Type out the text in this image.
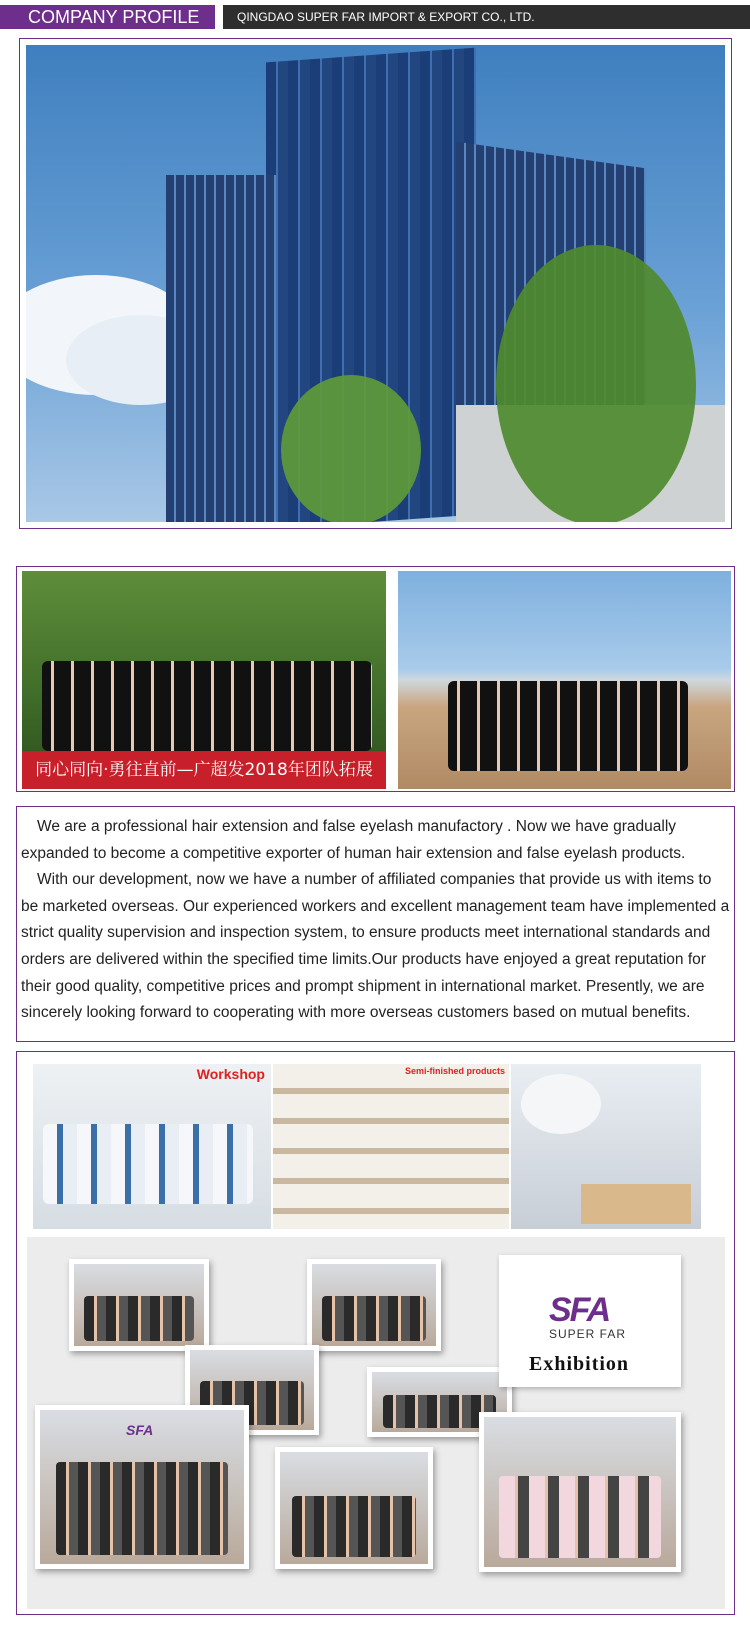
COMPANY PROFILE	QINGDAO SUPER FAR IMPORT & EXPORT CO., LTD.
同心同向·勇往直前—广超发2018年团队拓展

We are a professional hair extension and false eyelash manufactory . Now we have gradually expanded to become a competitive exporter of human hair extension and false eyelash products.

With our development, now we have a number of affiliated companies that provide us with items to be marketed overseas. Our experienced workers and excellent management team have implemented a strict quality supervision and inspection system, to ensure products meet international standards and orders are delivered within the specified time limits.Our products have enjoyed a great reputation for their good quality, competitive prices and prompt shipment in international market. Presently, we are sincerely looking forward to cooperating with more overseas customers based on mutual benefits.

Workshop	Semi-finished products
SFA
SFA
SUPER FAR
Exhibition
